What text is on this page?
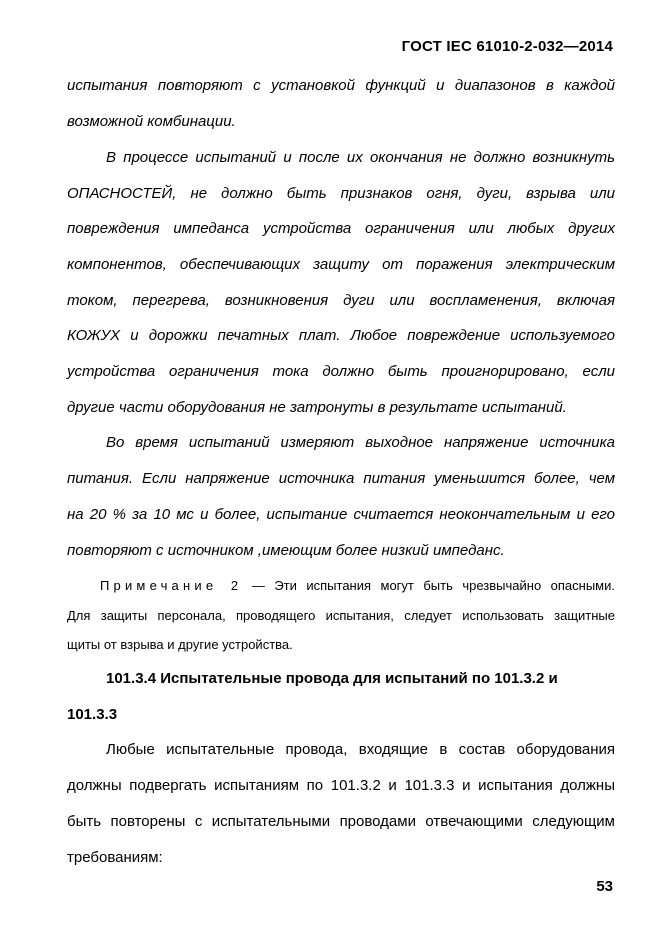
ГОСТ IEC 61010-2-032—2014
испытания повторяют с установкой функций и диапазонов в каждой
возможной комбинации.
В процессе испытаний и после их окончания не должно возникнуть
ОПАСНОСТЕЙ, не должно быть признаков огня, дуги, взрыва или
повреждения импеданса устройства ограничения или любых других
компонентов, обеспечивающих защиту от поражения электрическим
током, перегрева, возникновения дуги или воспламенения, включая
КОЖУХ и дорожки печатных плат. Любое повреждение используемого
устройства ограничения тока должно быть проигнорировано, если
другие части оборудования не затронуты в результате испытаний.
Во время испытаний измеряют выходное напряжение источника
питания. Если напряжение источника питания уменьшится более, чем
на 20 % за 10 мс и более, испытание считается неокончательным и его
повторяют с источником ,имеющим более низкий импеданс.
Примечание 2 — Эти испытания могут быть чрезвычайно опасными.
Для защиты персонала, проводящего испытания, следует использовать защитные
щиты от взрыва и другие устройства.
101.3.4 Испытательные провода для испытаний по 101.3.2 и
101.3.3
Любые испытательные провода, входящие в состав оборудования
должны подвергать испытаниям по 101.3.2 и 101.3.3 и испытания должны
быть повторены с испытательными проводами отвечающими следующим
требованиям:
53
